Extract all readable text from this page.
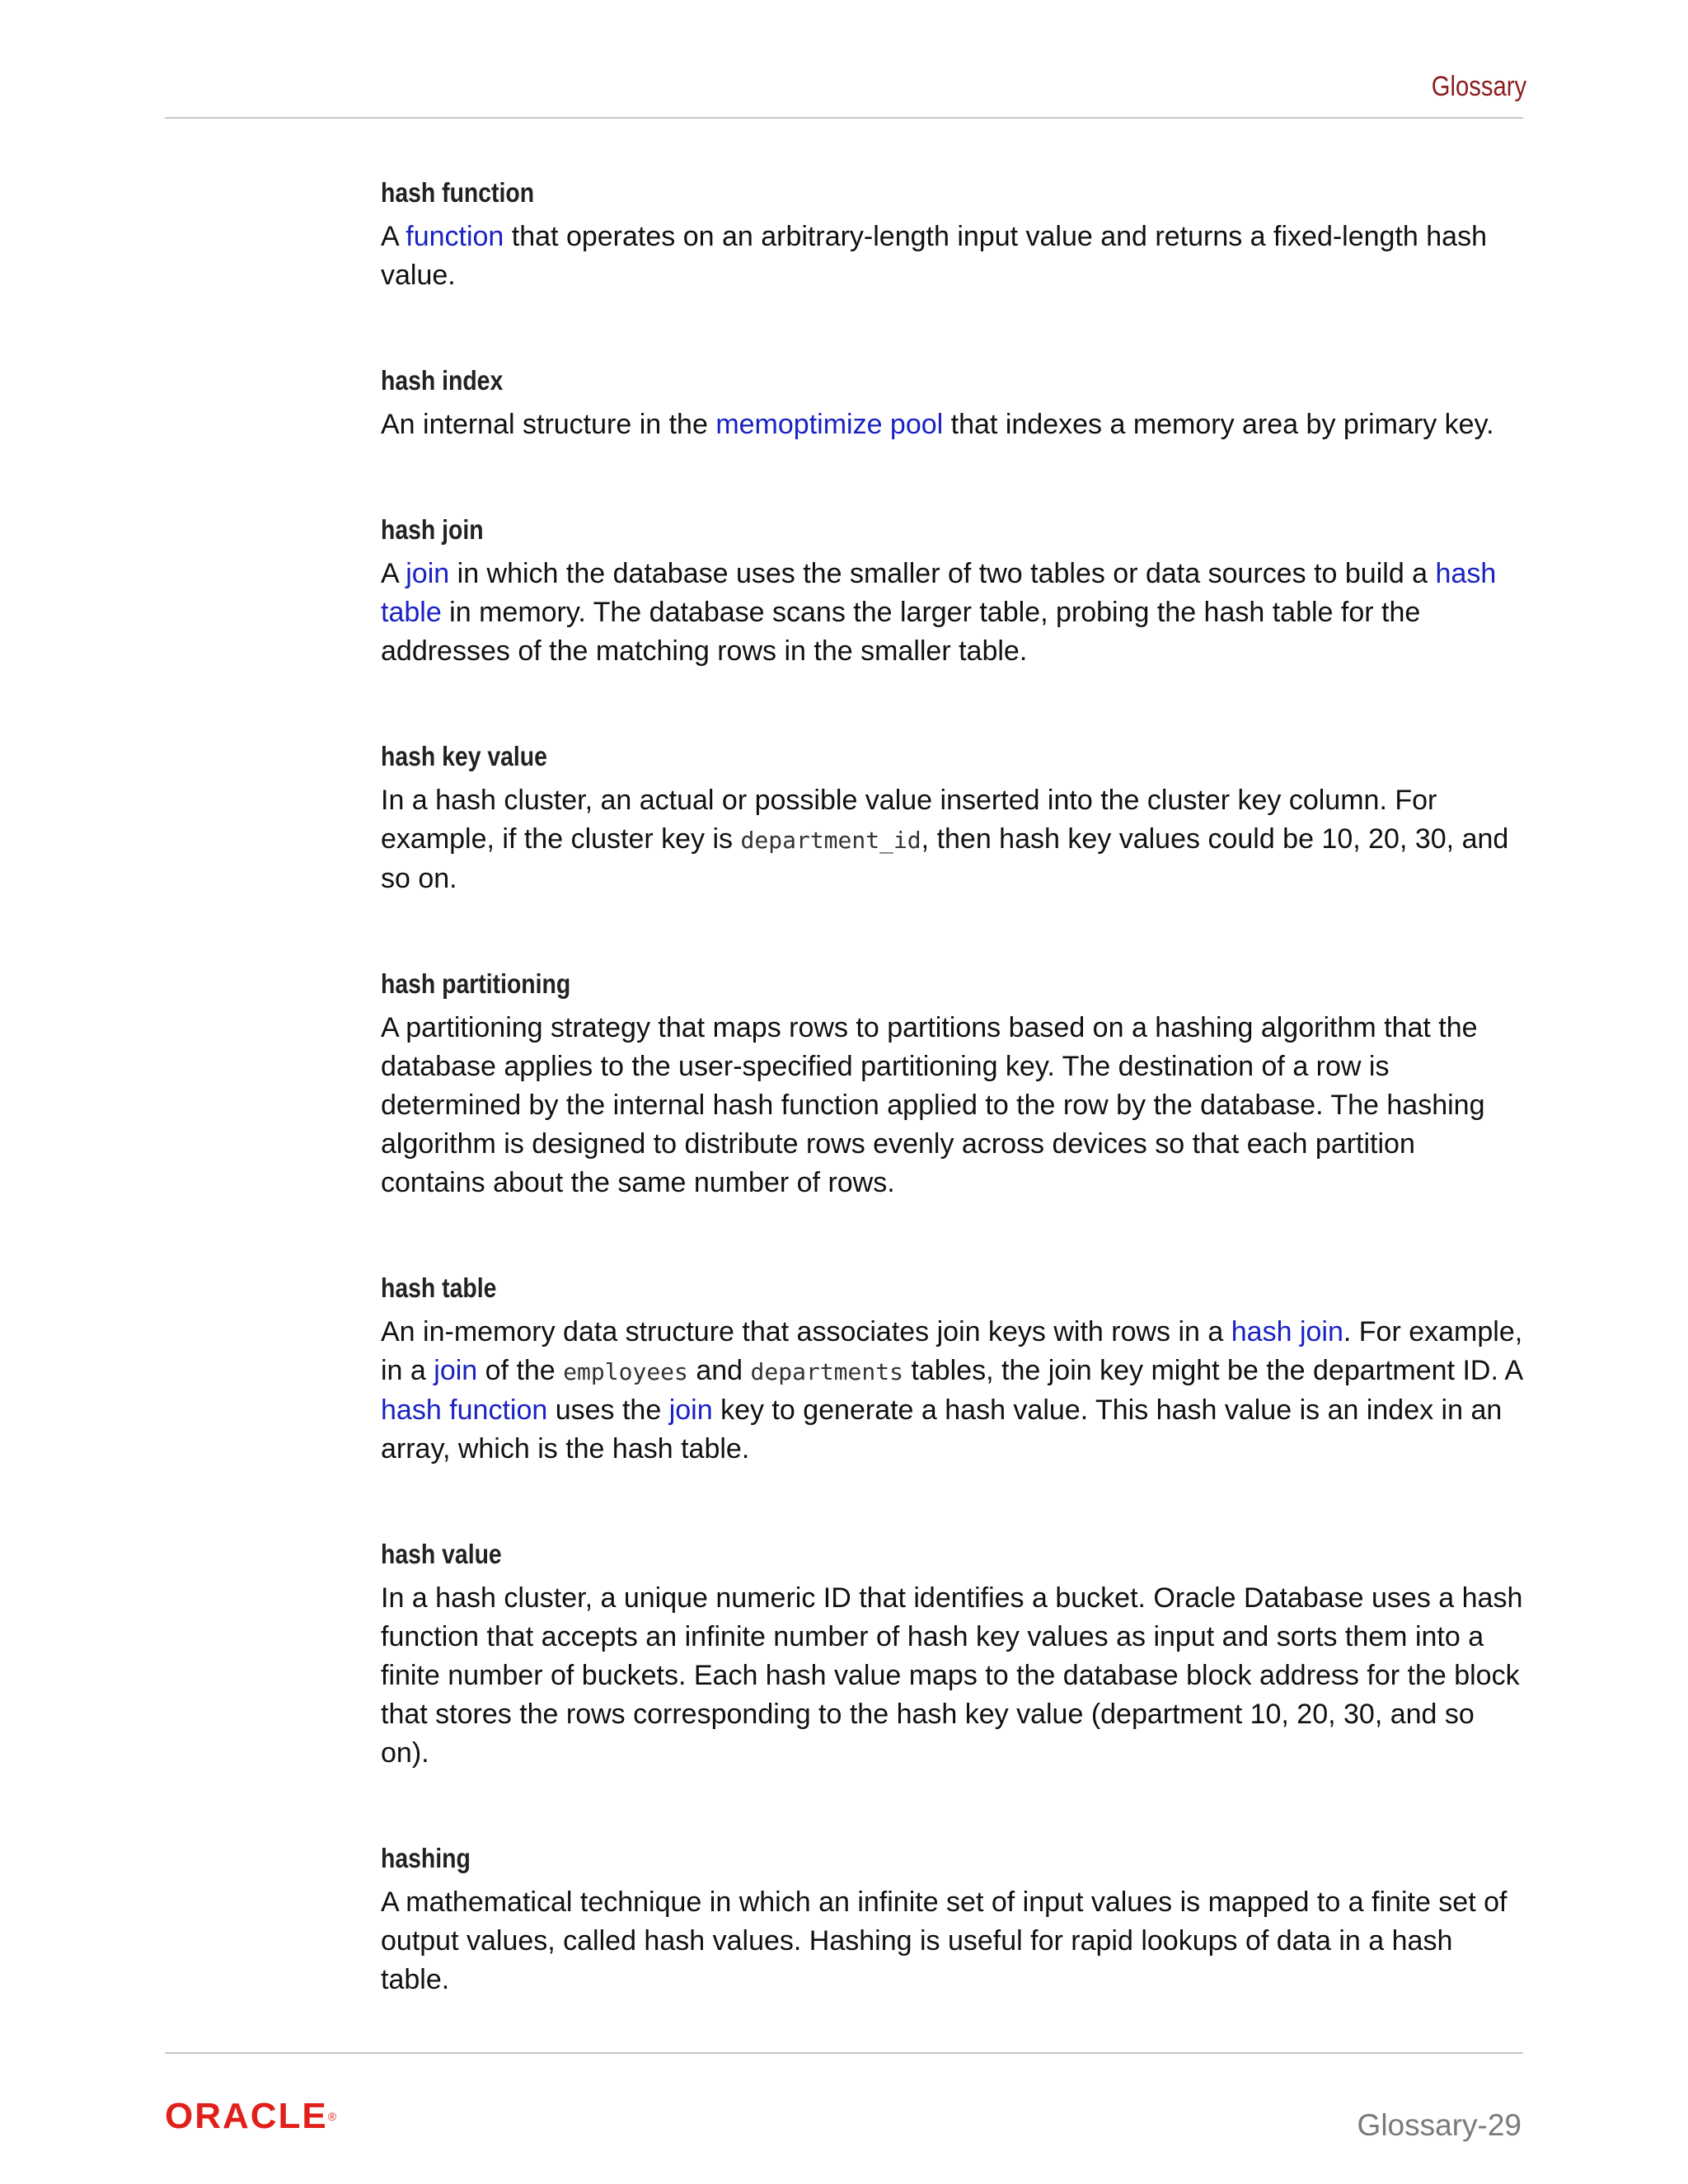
Glossary
hash function
A function that operates on an arbitrary-length input value and returns a fixed-length hash value.
hash index
An internal structure in the memoptimize pool that indexes a memory area by primary key.
hash join
A join in which the database uses the smaller of two tables or data sources to build a hash table in memory. The database scans the larger table, probing the hash table for the addresses of the matching rows in the smaller table.
hash key value
In a hash cluster, an actual or possible value inserted into the cluster key column. For example, if the cluster key is department_id, then hash key values could be 10, 20, 30, and so on.
hash partitioning
A partitioning strategy that maps rows to partitions based on a hashing algorithm that the database applies to the user-specified partitioning key. The destination of a row is determined by the internal hash function applied to the row by the database. The hashing algorithm is designed to distribute rows evenly across devices so that each partition contains about the same number of rows.
hash table
An in-memory data structure that associates join keys with rows in a hash join. For example, in a join of the employees and departments tables, the join key might be the department ID. A hash function uses the join key to generate a hash value. This hash value is an index in an array, which is the hash table.
hash value
In a hash cluster, a unique numeric ID that identifies a bucket. Oracle Database uses a hash function that accepts an infinite number of hash key values as input and sorts them into a finite number of buckets. Each hash value maps to the database block address for the block that stores the rows corresponding to the hash key value (department 10, 20, 30, and so on).
hashing
A mathematical technique in which an infinite set of input values is mapped to a finite set of output values, called hash values. Hashing is useful for rapid lookups of data in a hash table.
ORACLE®	Glossary-29
